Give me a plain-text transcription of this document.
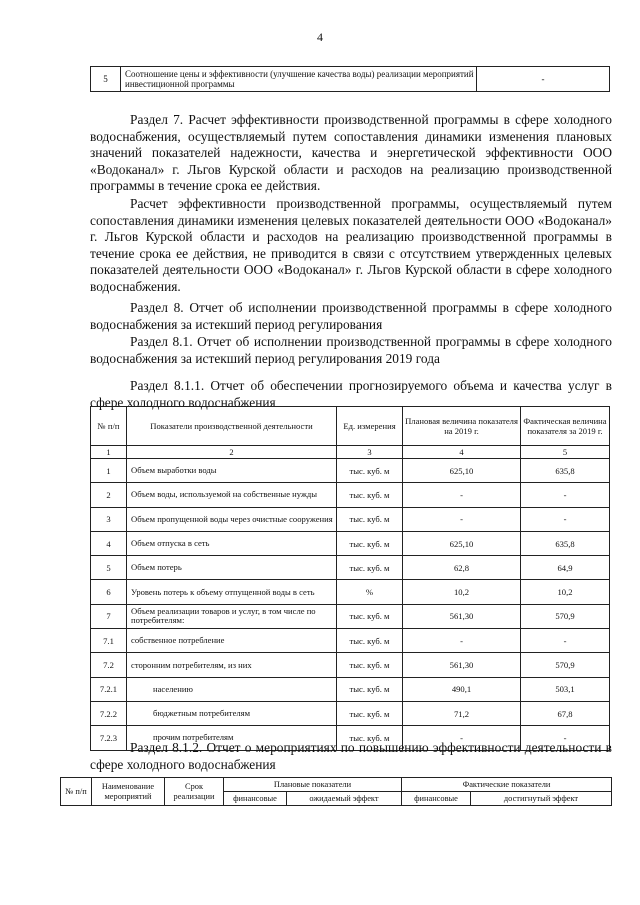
4
5	Соотношение цены и эффективности (улучшение качества воды) реализации мероприятий инвестиционной программы	-

Раздел 7. Расчет эффективности производственной программы в сфере холодного водоснабжения, осуществляемый путем сопоставления динамики изменения плановых значений показателей надежности, качества и энергетической эффективности ООО «Водоканал» г. Льгов Курской области и расходов на реализацию производственной программы в течение срока ее действия.

Расчет эффективности производственной программы, осуществляемый путем сопоставления динамики изменения целевых показателей деятельности ООО «Водоканал» г. Льгов Курской области и расходов на реализацию производственной программы в течение срока ее действия, не приводится в связи с отсутствием утвержденных целевых показателей деятельности ООО «Водоканал» г. Льгов Курской области в сфере холодного водоснабжения.

Раздел 8. Отчет об исполнении производственной программы в сфере холодного водоснабжения за истекший период регулирования

Раздел 8.1. Отчет об исполнении производственной программы в сфере холодного водоснабжения за истекший период регулирования 2019 года

Раздел 8.1.1. Отчет об обеспечении прогнозируемого объема и качества услуг в сфере холодного водоснабжения

№ п/п	Показатели производственной деятельности	Ед. измерения	Плановая величина показателя на 2019 г.	Фактическая величина показателя за 2019 г.
1	2	3	4	5
1	Объем выработки воды	тыс. куб. м	625,10	635,8
2	Объем воды, используемой на собственные нужды	тыс. куб. м	-	-
3	Объем пропущенной воды через очистные сооружения	тыс. куб. м	-	-
4	Объем отпуска в сеть	тыс. куб. м	625,10	635,8
5	Объем потерь	тыс. куб. м	62,8	64,9
6	Уровень потерь к объему отпущенной воды в сеть	%	10,2	10,2
7	Объем реализации товаров и услуг, в том числе по потребителям:	тыс. куб. м	561,30	570,9
7.1	собственное потребление	тыс. куб. м	-	-
7.2	сторонним потребителям, из них	тыс. куб. м	561,30	570,9
7.2.1	населению	тыс. куб. м	490,1	503,1
7.2.2	бюджетным потребителям	тыс. куб. м	71,2	67,8
7.2.3	прочим потребителям	тыс. куб. м	-	-

Раздел 8.1.2. Отчет о мероприятиях по повышению эффективности деятельности в сфере холодного водоснабжения

№ п/п	Наименование мероприятий	Срок реализации	Плановые показатели		Фактические показатели	
			финансовые	ожидаемый эффект	финансовые	достигнутый эффект
